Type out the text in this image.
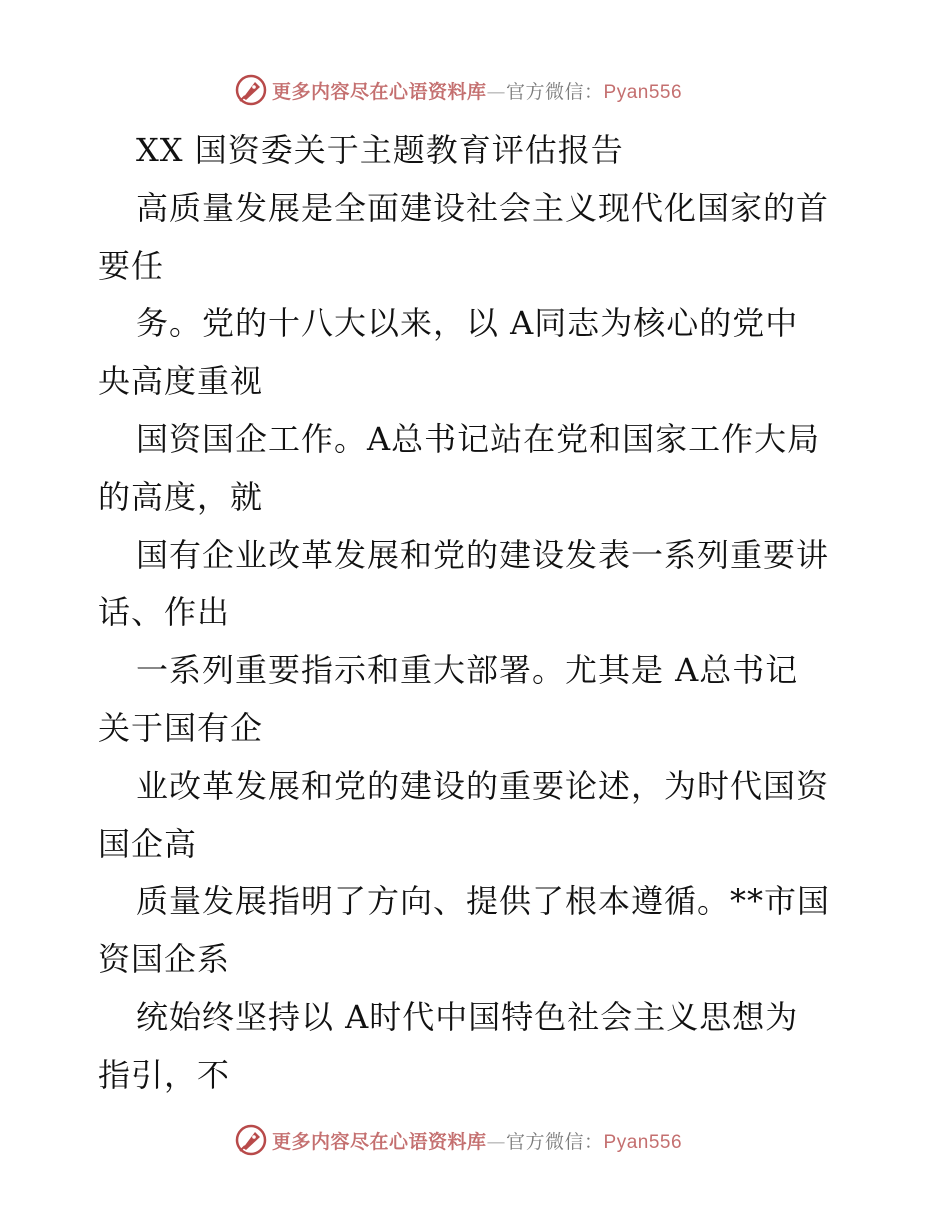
更多内容尽在心语资料库—官方微信：Pyan556
XX 国资委关于主题教育评估报告
高质量发展是全面建设社会主义现代化国家的首
要任
务。党的十八大以来，以 A同志为核心的党中
央高度重视
国资国企工作。A总书记站在党和国家工作大局
的高度，就
国有企业改革发展和党的建设发表一系列重要讲
话、作出
一系列重要指示和重大部署。尤其是 A总书记
关于国有企
业改革发展和党的建设的重要论述，为时代国资
国企高
质量发展指明了方向、提供了根本遵循。**市国
资国企系
统始终坚持以 A时代中国特色社会主义思想为
指引，不
更多内容尽在心语资料库—官方微信：Pyan556
